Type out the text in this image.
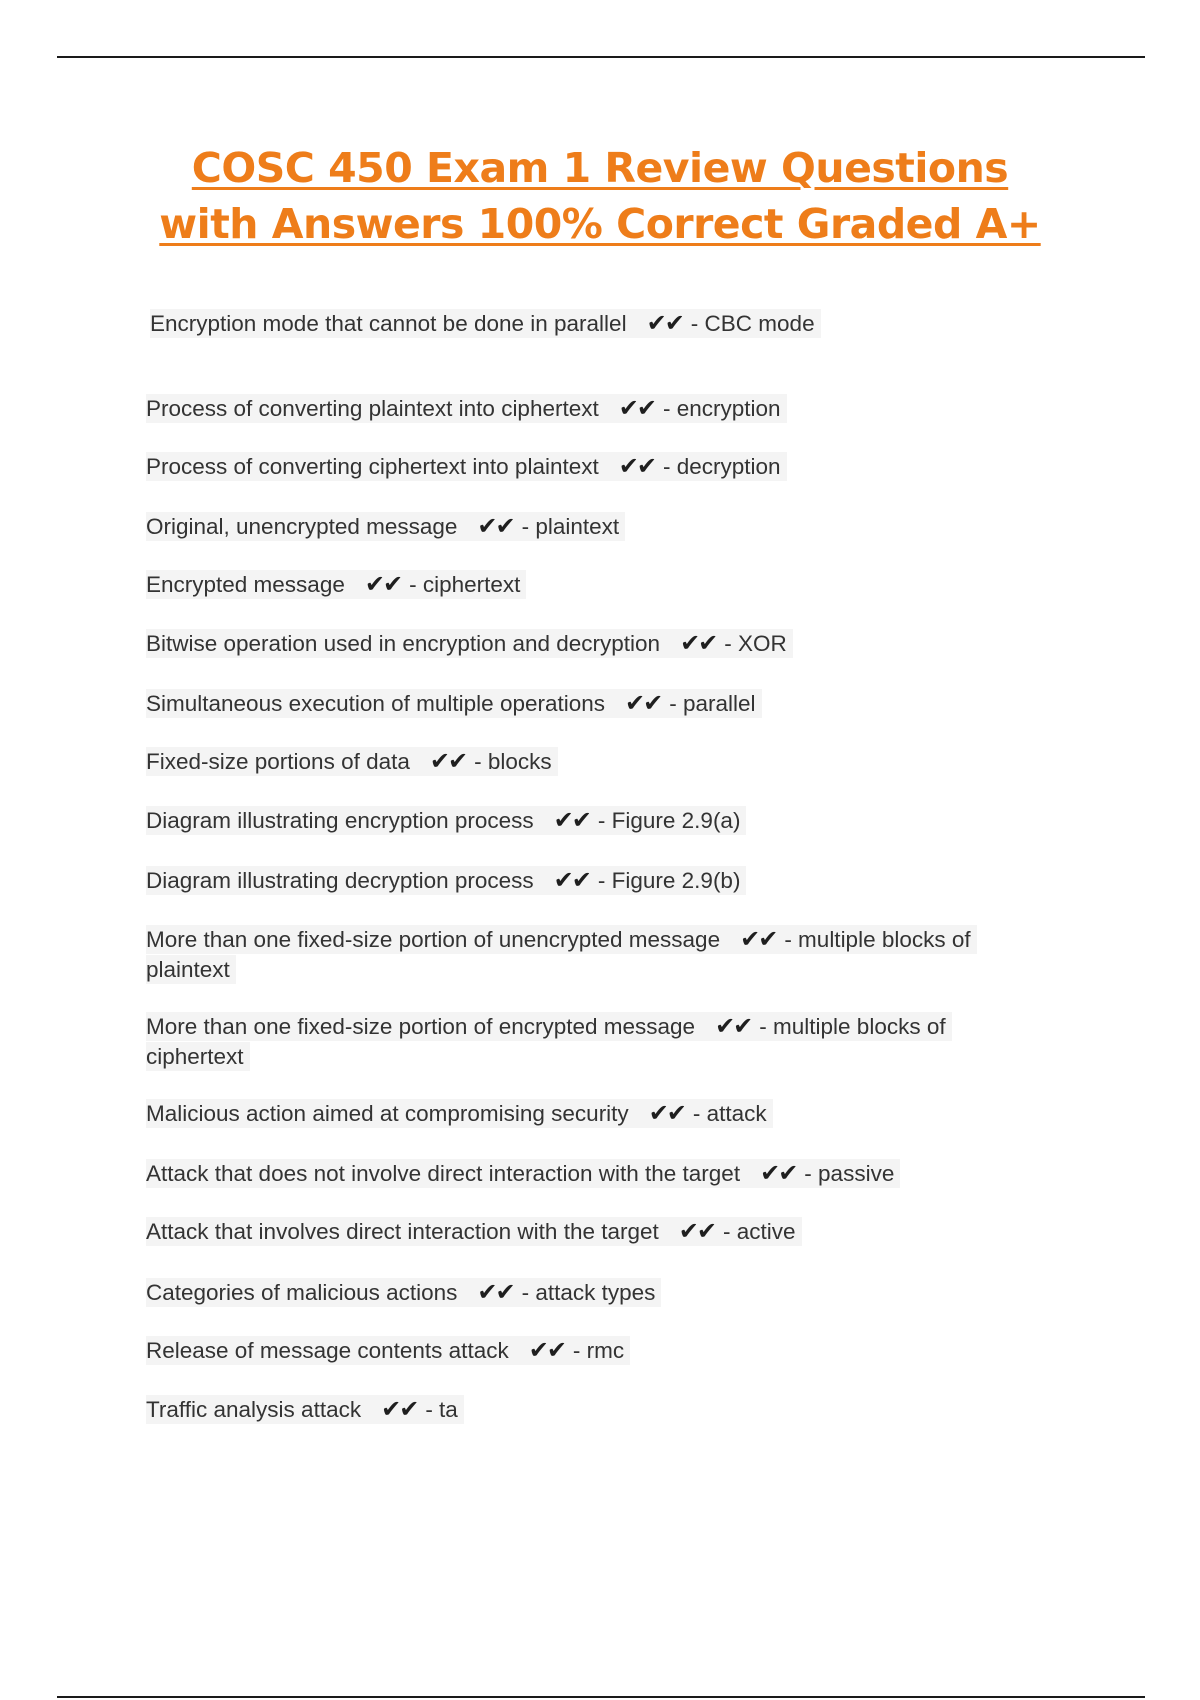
COSC 450 Exam 1 Review Questions
with Answers 100% Correct Graded A+
Encryption mode that cannot be done in parallel ✔✔ - CBC mode
Process of converting plaintext into ciphertext ✔✔ - encryption
Process of converting ciphertext into plaintext ✔✔ - decryption
Original, unencrypted message ✔✔ - plaintext
Encrypted message ✔✔ - ciphertext
Bitwise operation used in encryption and decryption ✔✔ - XOR
Simultaneous execution of multiple operations ✔✔ - parallel
Fixed-size portions of data ✔✔ - blocks
Diagram illustrating encryption process ✔✔ - Figure 2.9(a)
Diagram illustrating decryption process ✔✔ - Figure 2.9(b)
More than one fixed-size portion of unencrypted message ✔✔ - multiple blocks of plaintext
More than one fixed-size portion of encrypted message ✔✔ - multiple blocks of ciphertext
Malicious action aimed at compromising security ✔✔ - attack
Attack that does not involve direct interaction with the target ✔✔ - passive
Attack that involves direct interaction with the target ✔✔ - active
Categories of malicious actions ✔✔ - attack types
Release of message contents attack ✔✔ - rmc
Traffic analysis attack ✔✔ - ta
